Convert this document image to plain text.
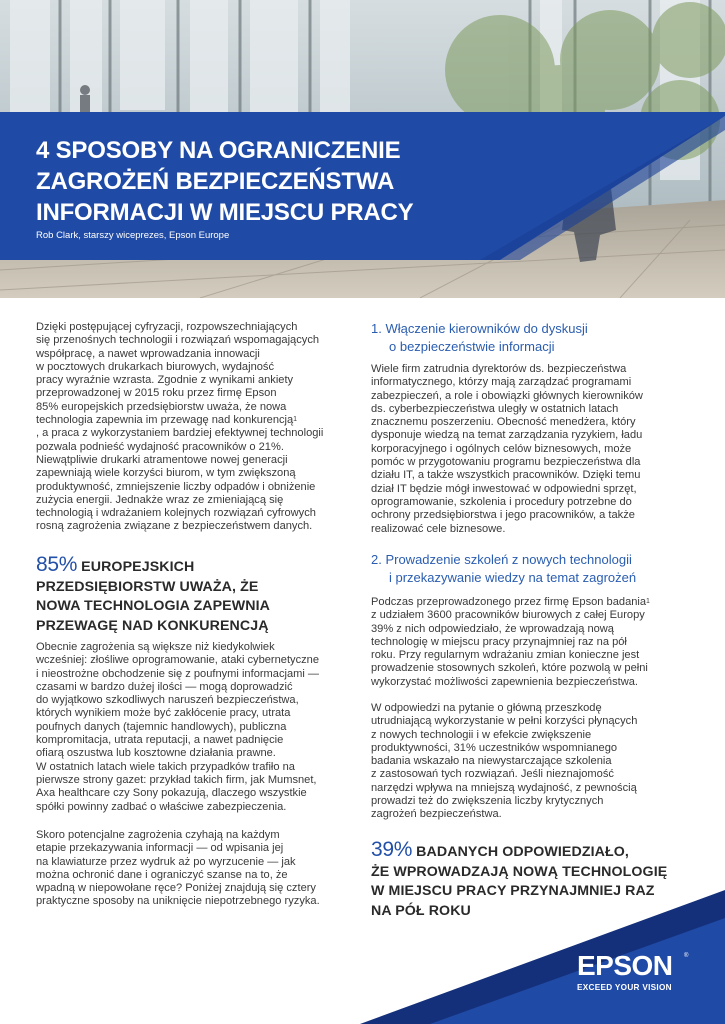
4 SPOSOBY NA OGRANICZENIE
ZAGROŻEŃ BEZPIECZEŃSTWA
INFORMACJI W MIEJSCU PRACY
Rob Clark, starszy wiceprezes, Epson Europe
Dzięki postępującej cyfryzacji, rozpowszechniających
się przenośnych technologii i rozwiązań wspomagających
współpracę, a nawet wprowadzania innowacji
w pocztowych drukarkach biurowych, wydajność
pracy wyraźnie wzrasta. Zgodnie z wynikami ankiety
przeprowadzonej w 2015 roku przez firmę Epson
85% europejskich przedsiębiorstw uważa, że nowa
technologia zapewnia im przewagę nad konkurencją$^1$
, a praca z wykorzystaniem bardziej efektywnej technologii
pozwala podnieść wydajność pracowników o 21%.
Niewątpliwie drukarki atramentowe nowej generacji
zapewniają wiele korzyści biurom, w tym zwiększoną
produktywność, zmniejszenie liczby odpadów i obniżenie
zużycia energii. Jednakże wraz ze zmieniającą się
technologią i wdrażaniem kolejnych rozwiązań cyfrowych
rosną zagrożenia związane z bezpieczeństwem danych.
85% EUROPEJSKICH
PRZEDSIĘBIORSTW UWAŻA, ŻE
NOWA TECHNOLOGIA ZAPEWNIA
PRZEWAGĘ NAD KONKURENCJĄ
Obecnie zagrożenia są większe niż kiedykolwiek
wcześniej: złośliwe oprogramowanie, ataki cybernetyczne
i nieostrożne obchodzenie się z poufnymi informacjami —
czasami w bardzo dużej ilości — mogą doprowadzić
do wyjątkowo szkodliwych naruszeń bezpieczeństwa,
których wynikiem może być zakłócenie pracy, utrata
poufnych danych (tajemnic handlowych), publiczna
kompromitacja, utrata reputacji, a nawet padnięcie
ofiarą oszustwa lub kosztowne działania prawne.
W ostatnich latach wiele takich przypadków trafiło na
pierwsze strony gazet: przykład takich firm, jak Mumsnet,
Axa healthcare czy Sony pokazują, dlaczego wszystkie
spółki powinny zadbać o właściwe zabezpieczenia.
Skoro potencjalne zagrożenia czyhają na każdym
etapie przekazywania informacji — od wpisania jej
na klawiaturze przez wydruk aż po wyrzucenie — jak
można ochronić dane i ograniczyć szanse na to, że
wpadną w niepowołane ręce? Poniżej znajdują się cztery
praktyczne sposoby na uniknięcie niepotrzebnego ryzyka.
1. Włączenie kierowników do dyskusji
o bezpieczeństwie informacji
Wiele firm zatrudnia dyrektorów ds. bezpieczeństwa
informatycznego, którzy mają zarządzać programami
zabezpieczeń, a role i obowiązki głównych kierowników
ds. cyberbezpieczeństwa uległy w ostatnich latach
znacznemu poszerzeniu. Obecność menedżera, który
dysponuje wiedzą na temat zarządzania ryzykiem, ładu
korporacyjnego i ogólnych celów biznesowych, może
pomóc w przygotowaniu programu bezpieczeństwa dla
działu IT, a także wszystkich pracowników. Dzięki temu
dział IT będzie mógł inwestować w odpowiedni sprzęt,
oprogramowanie, szkolenia i procedury potrzebne do
ochrony przedsiębiorstwa i jego pracowników, a także
realizować cele biznesowe.
2. Prowadzenie szkoleń z nowych technologii
i przekazywanie wiedzy na temat zagrożeń
Podczas przeprowadzonego przez firmę Epson badania$^1$
z udziałem 3600 pracowników biurowych z całej Europy
39% z nich odpowiedziało, że wprowadzają nową
technologię w miejscu pracy przynajmniej raz na pół
roku. Przy regularnym wdrażaniu zmian konieczne jest
prowadzenie stosownych szkoleń, które pozwolą w pełni
wykorzystać możliwości zapewnienia bezpieczeństwa.
W odpowiedzi na pytanie o główną przeszkodę
utrudniającą wykorzystanie w pełni korzyści płynących
z nowych technologii i w efekcie zwiększenie
produktywności, 31% uczestników wspomnianego
badania wskazało na niewystarczające szkolenia
z zastosowań tych rozwiązań. Jeśli nieznajomość
narzędzi wpływa na mniejszą wydajność, z pewnością
prowadzi też do zwiększenia liczby krytycznych
zagrożeń bezpieczeństwa.
39% BADANYCH ODPOWIEDZIAŁO,
ŻE WPROWADZAJĄ NOWĄ TECHNOLOGIĘ
W MIEJSCU PRACY PRZYNAJMNIEJ RAZ
NA PÓŁ ROKU
EPSON ®
EXCEED YOUR VISION
